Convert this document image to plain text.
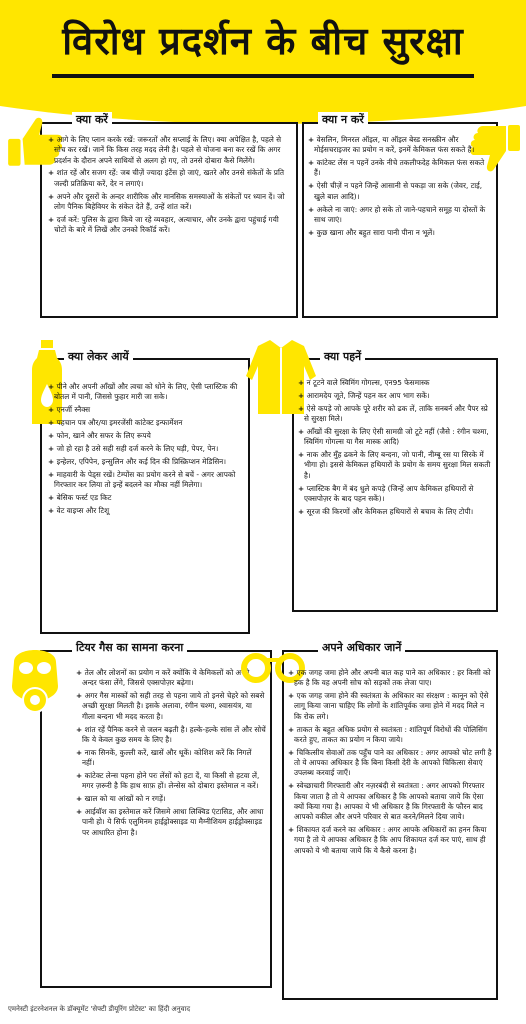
विरोध प्रदर्शन के बीच सुरक्षा
क्या करें
+ आगे के लिए प्लान करके रखें: जरूरतों और सप्लाई के लिए। क्या अपेक्षित है, पहले से सोच कर रखें। जानें कि किस तरह मदद लेनी है। पहले से योजना बना कर रखें कि अगर प्रदर्शन के दौरान अपने साथियों से अलग हो गए, तो उनसे दोबारा कैसे मिलेंगे।
+ शांत रहें और सजग रहें: जब चीज़ें ज्यादा इंटेंस हो जाएं, खतरे और उनसे संकेतों के प्रति जल्दी प्रतिक्रिया करें, देर न लगाएं।
+ अपने और दूसरों के अन्दर शारीरिक और मानसिक समस्याओं के संकेतों पर ध्यान दें। जो लोग पैनिक बिहेवियर के संकेत देते हैं, उन्हें शांत करें।
+ दर्ज करें: पुलिस के द्वारा किये जा रहे व्यवहार, अत्याचार, और उनके द्वारा पहुंचाई गयी चोटों के बारे में लिखें और उनको रिकॉर्ड करें।
क्या न करें
+ वेसलिन, मिनरल ऑइल, या ऑइल बेस्ड सनस्क्रीन और मोईसचराइजर का प्रयोग न करें, इनमें केमिकल फंस सकते हैं।
+ कांटेक्ट लेंस न पहनें उनके नीचे तकलीफदेह केमिकल फंस सकते हैं।
+ ऐसी चीज़ें न पहने जिन्हें आसानी से पकड़ा जा सके (जेवर, टाई, खुले बाल आदि)।
+ अकेले ना जाएं: अगर हो सके तो जाने-पहचाने समूह या दोस्तों के साथ जाएं।
+ कुछ खाना और बहुत सारा पानी पीना न भूलें।
क्या लेकर आयें
+ पीने और अपनी आँखों और त्वचा को धोने के लिए, ऐसी प्लास्टिक की बोतल में पानी, जिससे फुहार मारी जा सके।
+ एनर्जी स्नैक्स
+ पहचान पत्र और/या इमरजेंसी कांटेक्ट इन्फार्मेशन
+ फोन, खाने और सफर के लिए रूपये
+ जो हो रहा है उसे सही सही दर्ज करने के लिए घड़ी, पेपर, पेन।
+ इन्हेलर, एपिपेन, इन्सुलिन और कई दिन की प्रिस्क्रिप्शन मेडिसिन।
+ माहवारी के पेड्स रखें। टेम्पोंस का प्रयोग करने से बचें - अगर आपको गिरफ्तार कर लिया तो इन्हें बदलने का मौका नहीं मिलेगा।
+ बेसिक फर्स्ट एड किट
+ वेट वाइप्स और टिशू
क्या पहनें
+ न टूटने वाले स्विमिंग गोगल्स, एन95 फेसमास्क
+ आरामदेय जूते, जिन्हें पहन कर आप भाग सकें।
+ ऐसे कपड़े जो आपके पूरे शरीर को ढक लें, ताकि सनबर्न और पैपर स्प्रे से सुरक्षा मिले।
+ आँखों की सुरक्षा के लिए ऐसी सामग्री जो टूटे नहीं (जैसे : रंगीन चश्मा, स्विमिंग गोगल्स या गैस मास्क आदि)
+ नाक और मुँह ढकने के लिए बन्दना, जो पानी, नीम्बू रस या सिरके में भीगा हो। इससे केमिकल हथियारों के प्रयोग के समय सुरक्षा मिल सकती है।
+ प्लास्टिक बैग में बंद धुले कपड़े (जिन्हें आप केमिकल हथियारों से एक्सपोज़र के बाद पहन सकें)।
+ सूरज की किरणों और केमिकल हथियारों से बचाव के लिए टोपी।
टियर गैस का सामना करना
+ तेल और लोशनों का प्रयोग न करें क्योंकि ये केमिकलों को अपने अन्दर फंसा लेंगे, जिससे एक्सपोज़र बढ़ेगा।
+ अगर गैस मास्कों को सही तरह से पहना जाये तो इनसे चेहरे को सबसे अच्छी सुरक्षा मिलती है। इसके अलावा, रंगीन चश्मा, श्वासयंत्र, या गीला बन्दना भी मदद करता है।
+ शांत रहें पैनिक करने से जलन बढ़ती है। हल्के-हल्के सांस लें और सोचें कि ये केवल कुछ समय के लिए है।
+ नाक सिनकें, कुल्ली करें, खासें और थूकें। कोशिश करें कि निगलें नहीं।
+ कांटेक्ट लेन्स पहना होने परः लेंसों को हटा दें, या किसी से हटवा लें, मगर ज़रूरी है कि हाथ साफ़ हों। लेन्सेस को दोबारा इस्तेमाल न करें।
+ खाल को या आंखों को न रगड़ें।
+ आईवॉश का इस्तेमाल करें जिसमे आधा लिक्विड एंटासिड, और आधा पानी हो। ये सिर्फ एलुमिनम हाईड्रोक्साइड या मैग्नीशियम हाईड्रोक्साइड पर आधारित होना है।
अपने अधिकार जानें
+ एक जगह जमा होने और अपनी बात कह पाने का अधिकार : हर किसी को हक है कि वह अपनी सोच को सड़कों तक लेजा पाए।
+ एक जगह जमा होने की स्वतंत्रता के अधिकार का संरक्षण : कानून को ऐसे लागू किया जाना चाहिए कि लोगों के शांतिपूर्वक जमा होने में मदद मिले न कि रोक लगे।
+ ताकत के बहुत अधिक प्रयोग से स्वतंत्रता : शांतिपूर्ण विरोधों की पोलिसिंग करते हुए, ताकत का प्रयोग न किया जाये।
+ चिकित्सीय सेवाओं तक पहुँच पाने का अधिकार : अगर आपको चोट लगी है तो ये आपका अधिकार है कि बिना किसी देरी के आपको चिकित्सा सेवाएं उपलब्ध करवाई जाएँ।
+ स्वेच्छाचारी गिरफ्तारी और नज़रबंदी से स्वतंत्रता : अगर आपको गिरफ्तार किया जाता है तो ये आपका अधिकार है कि आपको बताया जाये कि ऐसा क्यों किया गया है। आपका ये भी अधिकार है कि गिरफ्तारी के फौरन बाद आपको वकील और अपने परिवार से बात करने/मिलने दिया जाये।
+ शिकायत दर्ज करने का अधिकार : अगर आपके अधिकारों का हनन किया गया है तो ये आपका अधिकार है कि आप शिकायत दर्ज कर पाएं, साथ ही आपको ये भी बताया जाये कि ये कैसे करना है।
एमनेस्टी इंटरनेशनल के डॉक्यूमेंट 'सेफ्टी डीयूरिंग प्रोटेस्ट' का हिंदी अनुवाद
